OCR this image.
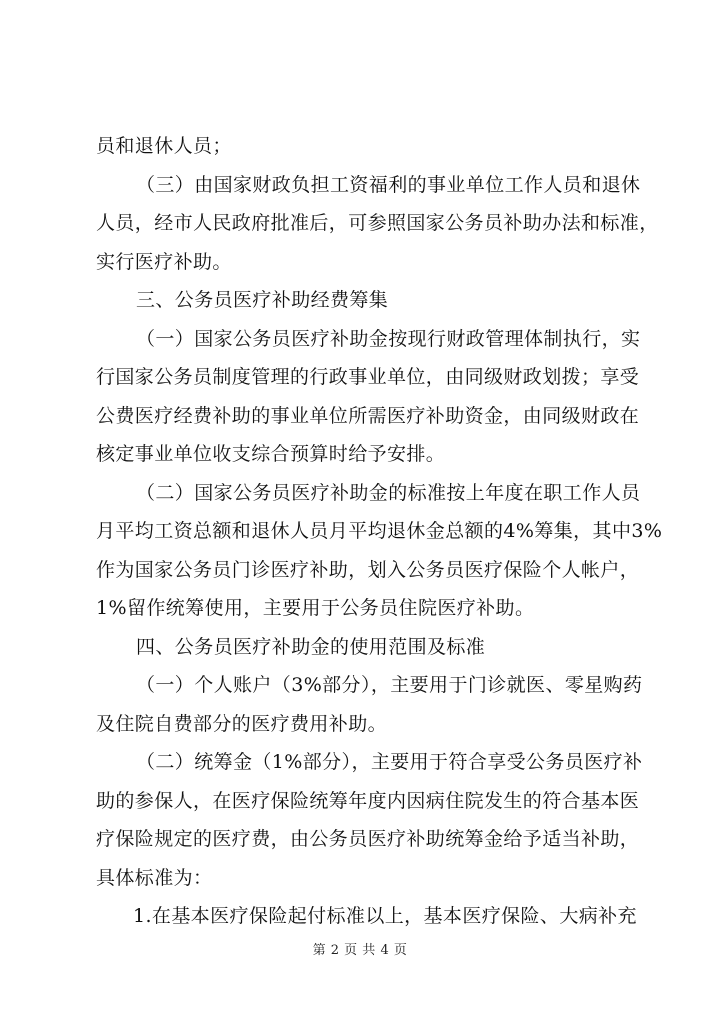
员和退休人员；
（三）由国家财政负担工资福利的事业单位工作人员和退休
人员，经市人民政府批准后，可参照国家公务员补助办法和标准，
实行医疗补助。
三、公务员医疗补助经费筹集
（一）国家公务员医疗补助金按现行财政管理体制执行，实
行国家公务员制度管理的行政事业单位，由同级财政划拨；享受
公费医疗经费补助的事业单位所需医疗补助资金，由同级财政在
核定事业单位收支综合预算时给予安排。
（二）国家公务员医疗补助金的标准按上年度在职工作人员
月平均工资总额和退休人员月平均退休金总额的4%筹集，其中3%
作为国家公务员门诊医疗补助，划入公务员医疗保险个人帐户，
1%留作统筹使用，主要用于公务员住院医疗补助。
四、公务员医疗补助金的使用范围及标准
（一）个人账户（3%部分），主要用于门诊就医、零星购药
及住院自费部分的医疗费用补助。
（二）统筹金（1%部分），主要用于符合享受公务员医疗补
助的参保人，在医疗保险统筹年度内因病住院发生的符合基本医
疗保险规定的医疗费，由公务员医疗补助统筹金给予适当补助，
具体标准为：
1.在基本医疗保险起付标准以上，基本医疗保险、大病补充
第 2 页 共 4 页
